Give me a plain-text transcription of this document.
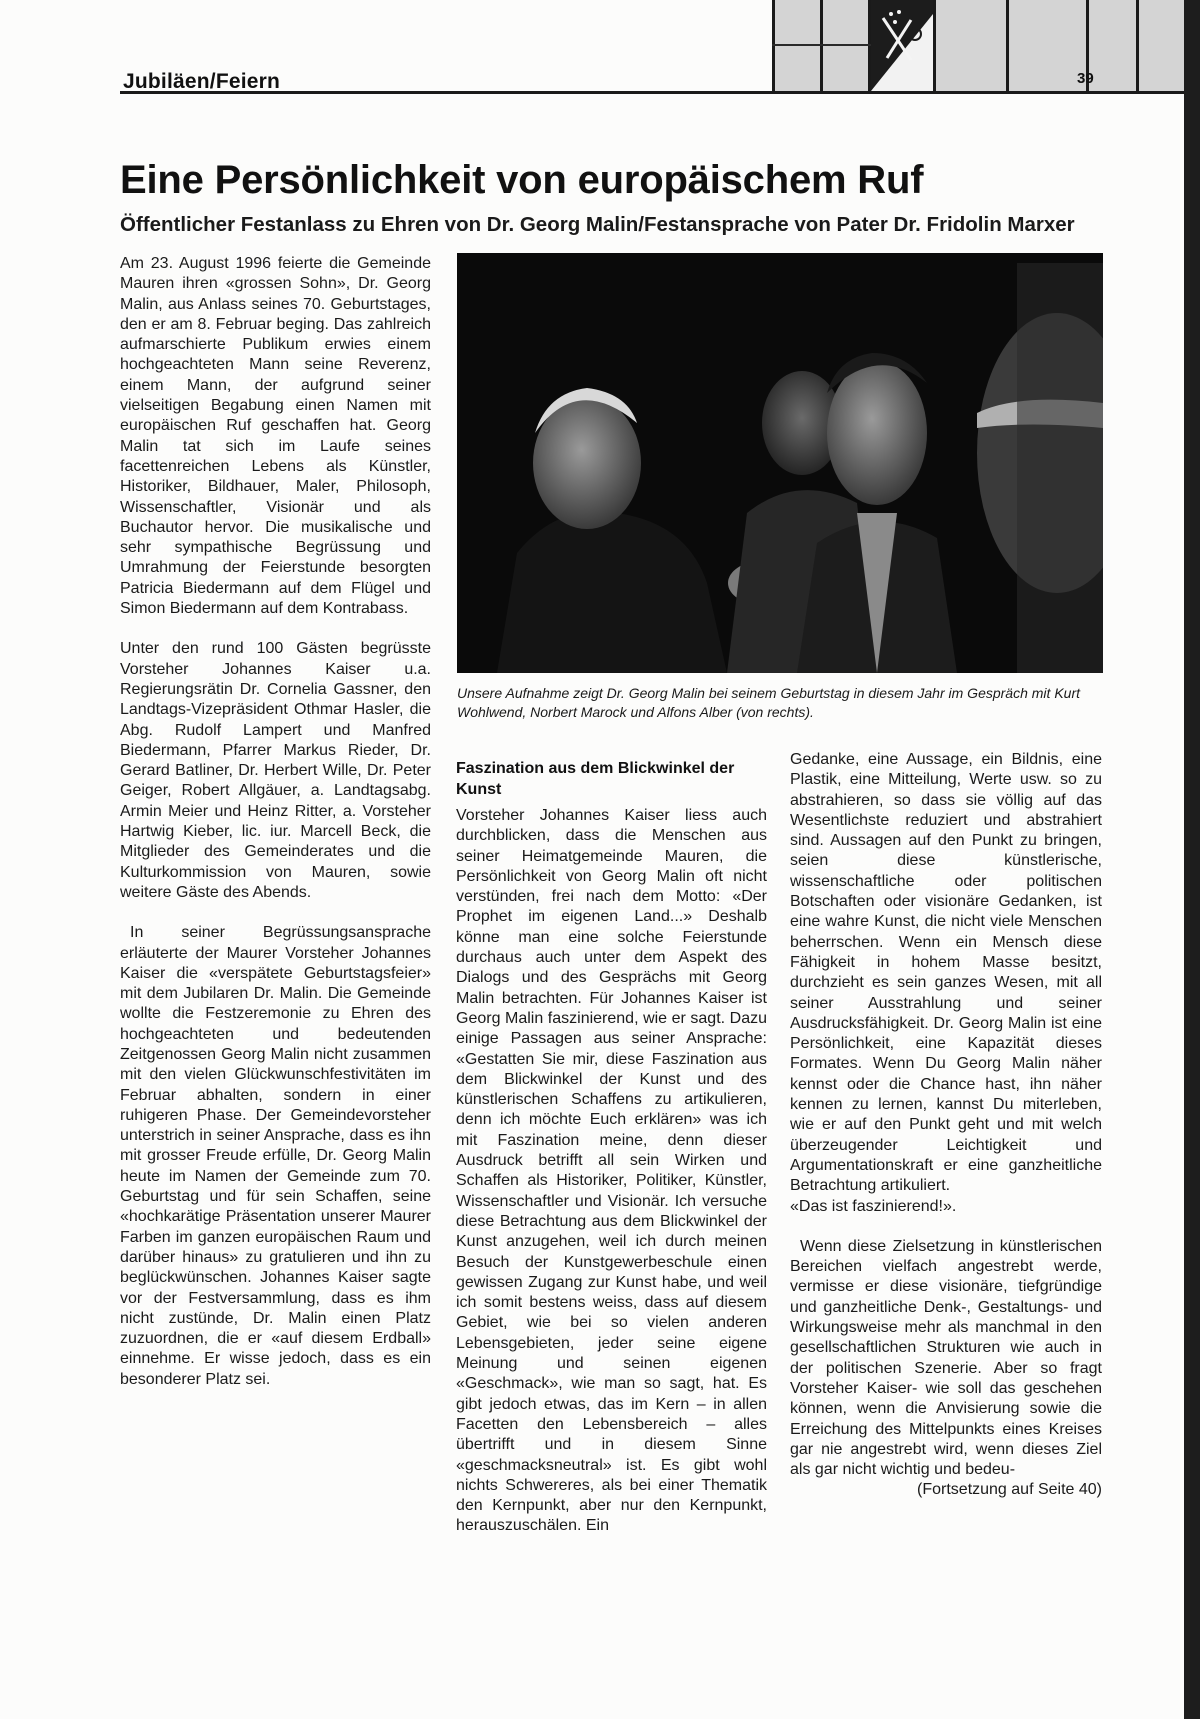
Jubiläen/Feiern	39
Eine Persönlichkeit von europäischem Ruf
Öffentlicher Festanlass zu Ehren von Dr. Georg Malin/Festansprache von Pater Dr. Fridolin Marxer

Am 23. August 1996 feierte die Gemeinde Mauren ihren «grossen Sohn», Dr. Georg Malin, aus Anlass seines 70. Geburtstages, den er am 8. Februar beging. Das zahlreich aufmarschierte Publikum erwies einem hochgeachteten Mann seine Reverenz, einem Mann, der aufgrund seiner vielseitigen Begabung einen Namen mit europäischen Ruf geschaffen hat. Georg Malin tat sich im Laufe seines facettenreichen Lebens als Künstler, Historiker, Bildhauer, Maler, Philosoph, Wissenschaftler, Visionär und als Buchautor hervor. Die musikalische und sehr sympathische Begrüssung und Umrahmung der Feierstunde besorgten Patricia Biedermann auf dem Flügel und Simon Biedermann auf dem Kontrabass.

Unter den rund 100 Gästen begrüsste Vorsteher Johannes Kaiser u.a. Regierungsrätin Dr. Cornelia Gassner, den Landtags-Vizepräsident Othmar Hasler, die Abg. Rudolf Lampert und Manfred Biedermann, Pfarrer Markus Rieder, Dr. Gerard Batliner, Dr. Herbert Wille, Dr. Peter Geiger, Robert Allgäuer, a. Landtagsabg. Armin Meier und Heinz Ritter, a. Vorsteher Hartwig Kieber, lic. iur. Marcell Beck, die Mitglieder des Gemeinderates und die Kulturkommission von Mauren, sowie weitere Gäste des Abends.

In seiner Begrüssungsansprache erläuterte der Maurer Vorsteher Johannes Kaiser die «verspätete Geburtstagsfeier» mit dem Jubilaren Dr. Malin. Die Gemeinde wollte die Festzeremonie zu Ehren des hochgeachteten und bedeutenden Zeitgenossen Georg Malin nicht zusammen mit den vielen Glückwunschfestivitäten im Februar abhalten, sondern in einer ruhigeren Phase. Der Gemeindevorsteher unterstrich in seiner Ansprache, dass es ihn mit grosser Freude erfülle, Dr. Georg Malin heute im Namen der Gemeinde zum 70. Geburtstag und für sein Schaffen, seine «hochkarätige Präsentation unserer Maurer Farben im ganzen europäischen Raum und darüber hinaus» zu gratulieren und ihn zu beglückwünschen. Johannes Kaiser sagte vor der Festversammlung, dass es ihm nicht zustünde, Dr. Malin einen Platz zuzuordnen, die er «auf diesem Erdball» einnehme. Er wisse jedoch, dass es ein besonderer Platz sei.

Unsere Aufnahme zeigt Dr. Georg Malin bei seinem Geburtstag in diesem Jahr im Gespräch mit Kurt Wohlwend, Norbert Marock und Alfons Alber (von rechts).
Faszination aus dem Blickwinkel der Kunst

Vorsteher Johannes Kaiser liess auch durchblicken, dass die Menschen aus seiner Heimatgemeinde Mauren, die Persönlichkeit von Georg Malin oft nicht verstünden, frei nach dem Motto: «Der Prophet im eigenen Land...» Deshalb könne man eine solche Feierstunde durchaus auch unter dem Aspekt des Dialogs und des Gesprächs mit Georg Malin betrachten. Für Johannes Kaiser ist Georg Malin faszinierend, wie er sagt. Dazu einige Passagen aus seiner Ansprache: «Gestatten Sie mir, diese Faszination aus dem Blickwinkel der Kunst und des künstlerischen Schaffens zu artikulieren, denn ich möchte Euch erklären» was ich mit Faszination meine, denn dieser Ausdruck betrifft all sein Wirken und Schaffen als Historiker, Politiker, Künstler, Wissenschaftler und Visionär. Ich versuche diese Betrachtung aus dem Blickwinkel der Kunst anzugehen, weil ich durch meinen Besuch der Kunstgewerbeschule einen gewissen Zugang zur Kunst habe, und weil ich somit bestens weiss, dass auf diesem Gebiet, wie bei so vielen anderen Lebensgebieten, jeder seine eigene Meinung und seinen eigenen «Geschmack», wie man so sagt, hat. Es gibt jedoch etwas, das im Kern – in allen Facetten den Lebensbereich – alles übertrifft und in diesem Sinne «geschmacksneutral» ist. Es gibt wohl nichts Schwereres, als bei einer Thematik den Kernpunkt, aber nur den Kernpunkt, herauszuschälen. Ein

Gedanke, eine Aussage, ein Bildnis, eine Plastik, eine Mitteilung, Werte usw. so zu abstrahieren, so dass sie völlig auf das Wesentlichste reduziert und abstrahiert sind. Aussagen auf den Punkt zu bringen, seien diese künstlerische, wissenschaftliche oder politischen Botschaften oder visionäre Gedanken, ist eine wahre Kunst, die nicht viele Menschen beherrschen. Wenn ein Mensch diese Fähigkeit in hohem Masse besitzt, durchzieht es sein ganzes Wesen, mit all seiner Ausstrahlung und seiner Ausdrucksfähigkeit. Dr. Georg Malin ist eine Persönlichkeit, eine Kapazität dieses Formates. Wenn Du Georg Malin näher kennst oder die Chance hast, ihn näher kennen zu lernen, kannst Du miterleben, wie er auf den Punkt geht und mit welch überzeugender Leichtigkeit und Argumentationskraft er eine ganzheitliche Betrachtung artikuliert.

«Das ist faszinierend!».

Wenn diese Zielsetzung in künstlerischen Bereichen vielfach angestrebt werde, vermisse er diese visionäre, tiefgründige und ganzheitliche Denk-, Gestaltungs- und Wirkungsweise mehr als manchmal in den gesellschaftlichen Strukturen wie auch in der politischen Szenerie. Aber so fragt Vorsteher Kaiser- wie soll das geschehen können, wenn die Anvisierung sowie die Erreichung des Mittelpunkts eines Kreises gar nie angestrebt wird, wenn dieses Ziel als gar nicht wichtig und bedeu-

(Fortsetzung auf Seite 40)
